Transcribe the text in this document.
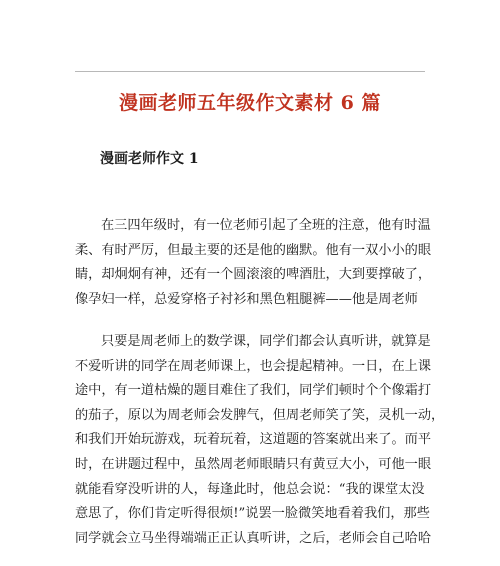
漫画老师五年级作文素材 6 篇
漫画老师作文 1
在三四年级时，有一位老师引起了全班的注意，他有时温
柔、有时严厉，但最主要的还是他的幽默。他有一双小小的眼
睛，却炯炯有神，还有一个圆滚滚的啤酒肚，大到要撑破了，
像孕妇一样，总爱穿格子衬衫和黑色粗腿裤——他是周老师
只要是周老师上的数学课，同学们都会认真听讲，就算是
不爱听讲的同学在周老师课上，也会提起精神。一日，在上课
途中，有一道枯燥的题目难住了我们，同学们顿时个个像霜打
的茄子，原以为周老师会发脾气，但周老师笑了笑，灵机一动，
和我们开始玩游戏，玩着玩着，这道题的答案就出来了。而平
时，在讲题过程中，虽然周老师眼睛只有黄豆大小，可他一眼
就能看穿没听讲的人，每逢此时，他总会说：“我的课堂太没
意思了，你们肯定听得很烦!”说罢一脸微笑地看着我们，那些
同学就会立马坐得端端正正认真听讲，之后，老师会自己哈哈
